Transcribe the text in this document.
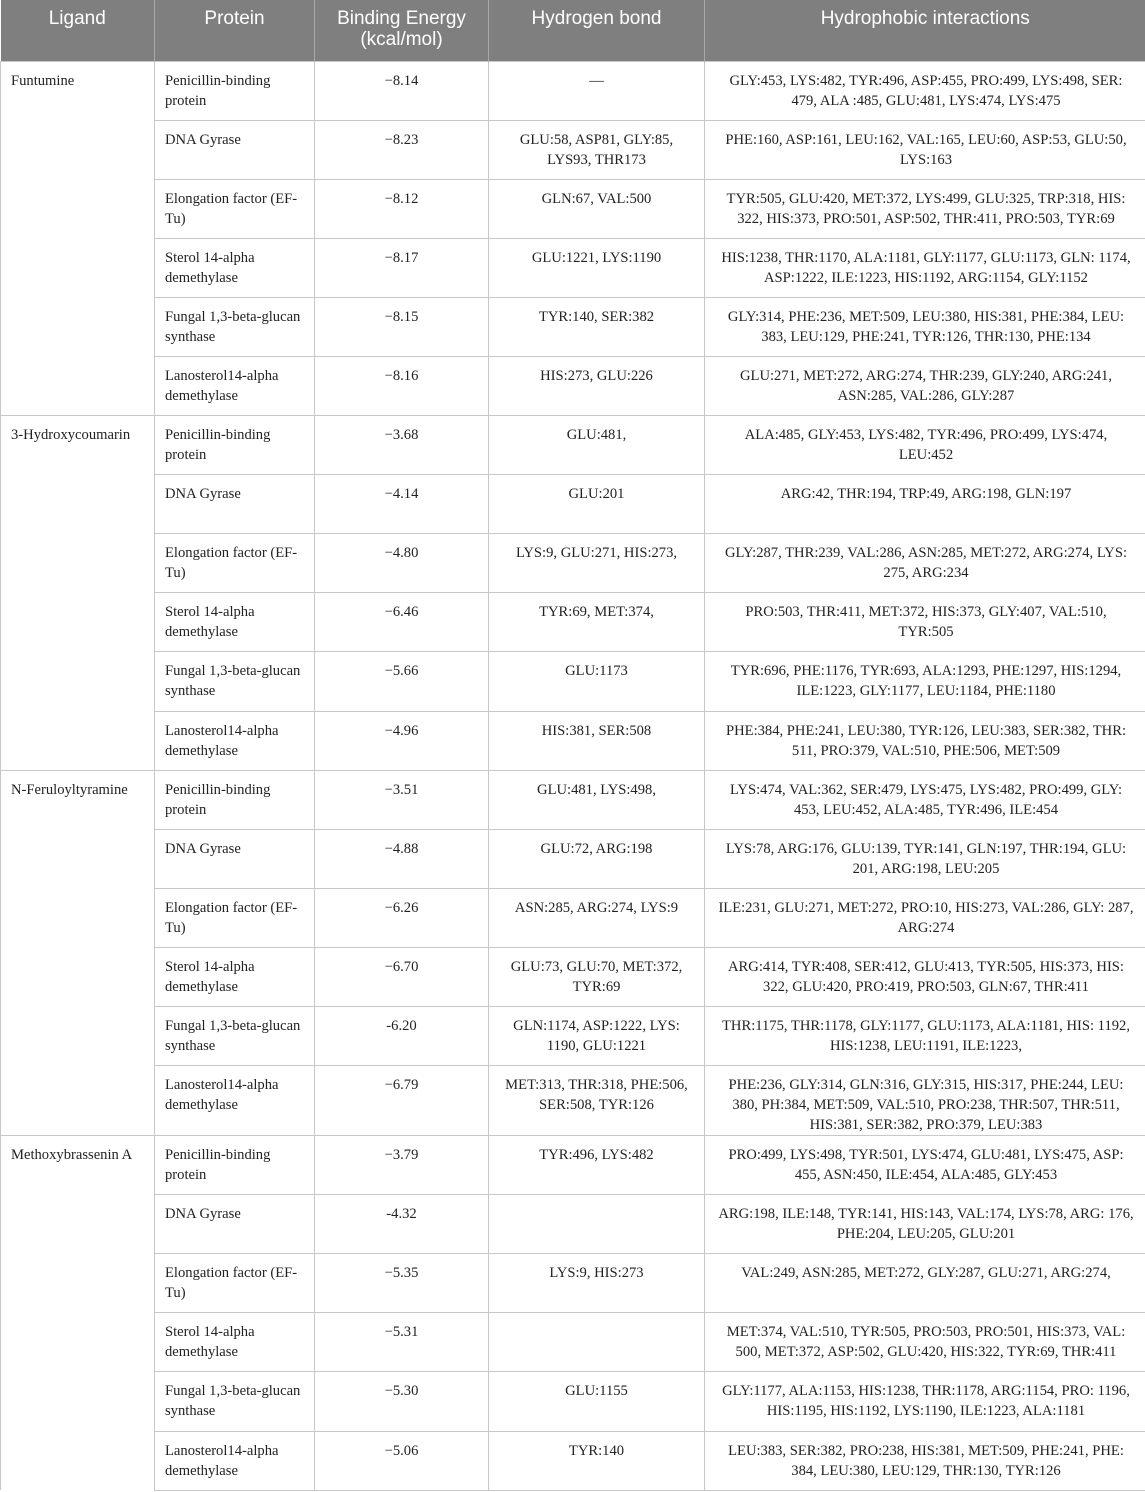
Ligand	Protein	Binding Energy (kcal/mol)	Hydrogen bond	Hydrophobic interactions
Funtumine	Penicillin-binding protein	−8.14	—	GLY:453, LYS:482, TYR:496, ASP:455, PRO:499, LYS:498, SER: 479, ALA :485, GLU:481, LYS:474, LYS:475
	DNA Gyrase	−8.23	GLU:58, ASP81, GLY:85, LYS93, THR173	PHE:160, ASP:161, LEU:162, VAL:165, LEU:60, ASP:53, GLU:50, LYS:163
	Elongation factor (EF-Tu)	−8.12	GLN:67, VAL:500	TYR:505, GLU:420, MET:372, LYS:499, GLU:325, TRP:318, HIS: 322, HIS:373, PRO:501, ASP:502, THR:411, PRO:503, TYR:69
	Sterol 14-alpha demethylase	−8.17	GLU:1221, LYS:1190	HIS:1238, THR:1170, ALA:1181, GLY:1177, GLU:1173, GLN: 1174, ASP:1222, ILE:1223, HIS:1192, ARG:1154, GLY:1152
	Fungal 1,3-beta-glucan synthase	−8.15	TYR:140, SER:382	GLY:314, PHE:236, MET:509, LEU:380, HIS:381, PHE:384, LEU: 383, LEU:129, PHE:241, TYR:126, THR:130, PHE:134
	Lanosterol14-alpha demethylase	−8.16	HIS:273, GLU:226	GLU:271, MET:272, ARG:274, THR:239, GLY:240, ARG:241, ASN:285, VAL:286, GLY:287
3-Hydroxycoumarin	Penicillin-binding protein	−3.68	GLU:481,	ALA:485, GLY:453, LYS:482, TYR:496, PRO:499, LYS:474, LEU:452
	DNA Gyrase	−4.14	GLU:201	ARG:42, THR:194, TRP:49, ARG:198, GLN:197
	Elongation factor (EF-Tu)	−4.80	LYS:9, GLU:271, HIS:273,	GLY:287, THR:239, VAL:286, ASN:285, MET:272, ARG:274, LYS: 275, ARG:234
	Sterol 14-alpha demethylase	−6.46	TYR:69, MET:374,	PRO:503, THR:411, MET:372, HIS:373, GLY:407, VAL:510, TYR:505
	Fungal 1,3-beta-glucan synthase	−5.66	GLU:1173	TYR:696, PHE:1176, TYR:693, ALA:1293, PHE:1297, HIS:1294, ILE:1223, GLY:1177, LEU:1184, PHE:1180
	Lanosterol14-alpha demethylase	−4.96	HIS:381, SER:508	PHE:384, PHE:241, LEU:380, TYR:126, LEU:383, SER:382, THR: 511, PRO:379, VAL:510, PHE:506, MET:509
N-Feruloyltyramine	Penicillin-binding protein	−3.51	GLU:481, LYS:498,	LYS:474, VAL:362, SER:479, LYS:475, LYS:482, PRO:499, GLY: 453, LEU:452, ALA:485, TYR:496, ILE:454
	DNA Gyrase	−4.88	GLU:72, ARG:198	LYS:78, ARG:176, GLU:139, TYR:141, GLN:197, THR:194, GLU: 201, ARG:198, LEU:205
	Elongation factor (EF-Tu)	−6.26	ASN:285, ARG:274, LYS:9	ILE:231, GLU:271, MET:272, PRO:10, HIS:273, VAL:286, GLY: 287, ARG:274
	Sterol 14-alpha demethylase	−6.70	GLU:73, GLU:70, MET:372, TYR:69	ARG:414, TYR:408, SER:412, GLU:413, TYR:505, HIS:373, HIS: 322, GLU:420, PRO:419, PRO:503, GLN:67, THR:411
	Fungal 1,3-beta-glucan synthase	-6.20	GLN:1174, ASP:1222, LYS: 1190, GLU:1221	THR:1175, THR:1178, GLY:1177, GLU:1173, ALA:1181, HIS: 1192, HIS:1238, LEU:1191, ILE:1223,
	Lanosterol14-alpha demethylase	−6.79	MET:313, THR:318, PHE:506, SER:508, TYR:126	PHE:236, GLY:314, GLN:316, GLY:315, HIS:317, PHE:244, LEU: 380, PH:384, MET:509, VAL:510, PRO:238, THR:507, THR:511, HIS:381, SER:382, PRO:379, LEU:383
Methoxybrassenin A	Penicillin-binding protein	−3.79	TYR:496, LYS:482	PRO:499, LYS:498, TYR:501, LYS:474, GLU:481, LYS:475, ASP: 455, ASN:450, ILE:454, ALA:485, GLY:453
	DNA Gyrase	-4.32		ARG:198, ILE:148, TYR:141, HIS:143, VAL:174, LYS:78, ARG: 176, PHE:204, LEU:205, GLU:201
	Elongation factor (EF-Tu)	−5.35	LYS:9, HIS:273	VAL:249, ASN:285, MET:272, GLY:287, GLU:271, ARG:274,
	Sterol 14-alpha demethylase	−5.31		MET:374, VAL:510, TYR:505, PRO:503, PRO:501, HIS:373, VAL: 500, MET:372, ASP:502, GLU:420, HIS:322, TYR:69, THR:411
	Fungal 1,3-beta-glucan synthase	−5.30	GLU:1155	GLY:1177, ALA:1153, HIS:1238, THR:1178, ARG:1154, PRO: 1196, HIS:1195, HIS:1192, LYS:1190, ILE:1223, ALA:1181
	Lanosterol14-alpha demethylase	−5.06	TYR:140	LEU:383, SER:382, PRO:238, HIS:381, MET:509, PHE:241, PHE: 384, LEU:380, LEU:129, THR:130, TYR:126
